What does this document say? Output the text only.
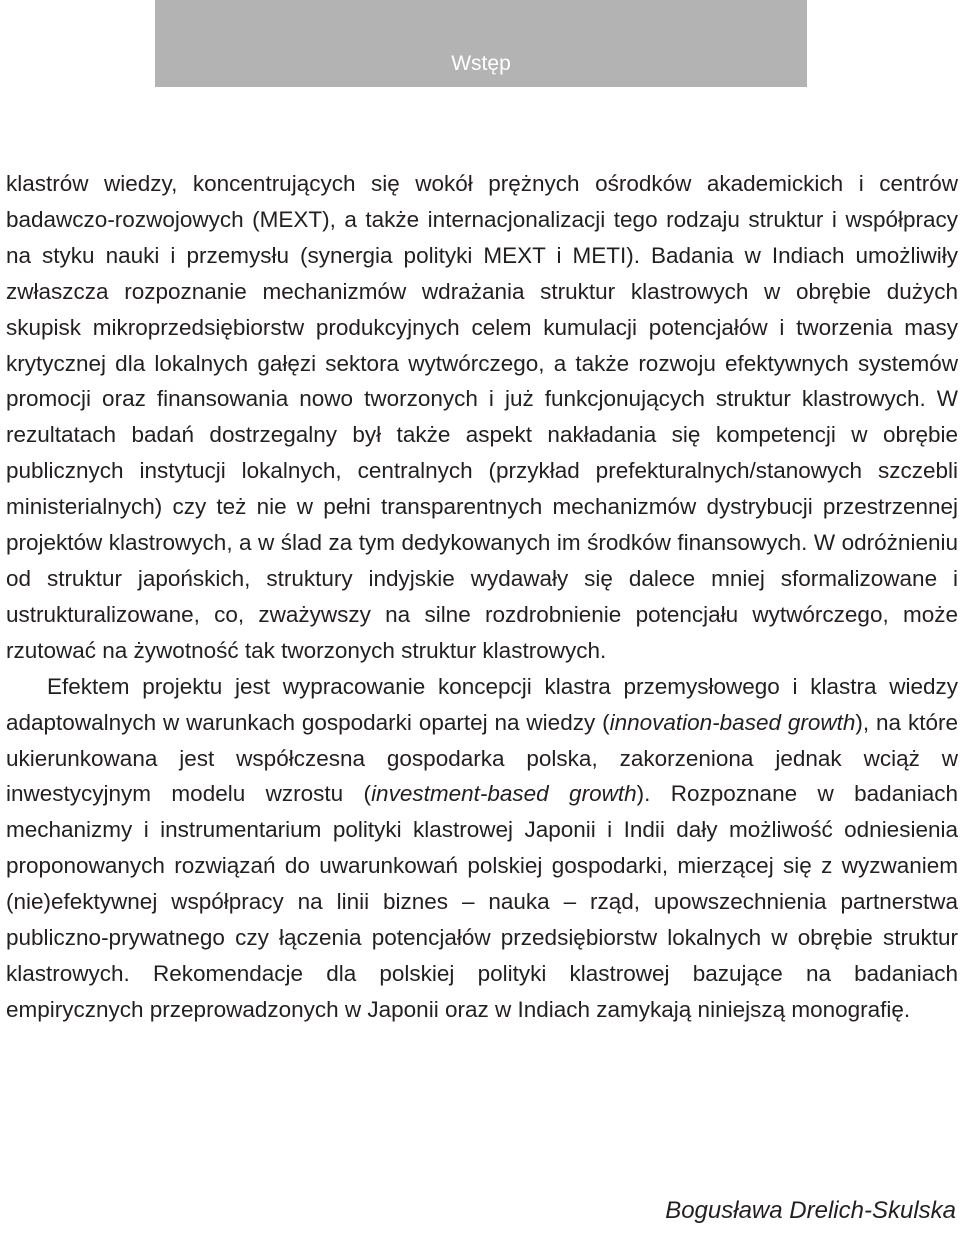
Wstęp

klastrów wiedzy, koncentrujących się wokół prężnych ośrodków akademickich i centrów badawczo-rozwojowych (MEXT), a także internacjonalizacji tego rodzaju struktur i współpracy na styku nauki i przemysłu (synergia polityki MEXT i METI). Badania w Indiach umożliwiły zwłaszcza rozpoznanie mechanizmów wdrażania struktur klastrowych w obrębie dużych skupisk mikroprzedsiębiorstw produkcyjnych celem kumulacji potencjałów i tworzenia masy krytycznej dla lokalnych gałęzi sektora wytwórczego, a także rozwoju efektywnych systemów promocji oraz finansowania nowo tworzonych i już funkcjonujących struktur klastrowych. W rezultatach badań dostrzegalny był także aspekt nakładania się kompetencji w obrębie publicznych instytucji lokalnych, centralnych (przykład prefekturalnych/stanowych szczebli ministerialnych) czy też nie w pełni transparentnych mechanizmów dystrybucji przestrzennej projektów klastrowych, a w ślad za tym dedykowanych im środków finansowych. W odróżnieniu od struktur japońskich, struktury indyjskie wydawały się dalece mniej sformalizowane i ustrukturalizowane, co, zważywszy na silne rozdrobnienie potencjału wytwórczego, może rzutować na żywotność tak tworzonych struktur klastrowych.

Efektem projektu jest wypracowanie koncepcji klastra przemysłowego i klastra wiedzy adaptowalnych w warunkach gospodarki opartej na wiedzy (innovation-based growth), na które ukierunkowana jest współczesna gospodarka polska, zakorzeniona jednak wciąż w inwestycyjnym modelu wzrostu (investment-based growth). Rozpoznane w badaniach mechanizmy i instrumentarium polityki klastrowej Japonii i Indii dały możliwość odniesienia proponowanych rozwiązań do uwarunkowań polskiej gospodarki, mierzącej się z wyzwaniem (nie)efektywnej współpracy na linii biznes – nauka – rząd, upowszechnienia partnerstwa publiczno-prywatnego czy łączenia potencjałów przedsiębiorstw lokalnych w obrębie struktur klastrowych. Rekomendacje dla polskiej polityki klastrowej bazujące na badaniach empirycznych przeprowadzonych w Japonii oraz w Indiach zamykają niniejszą monografię.

Bogusława Drelich-Skulska
